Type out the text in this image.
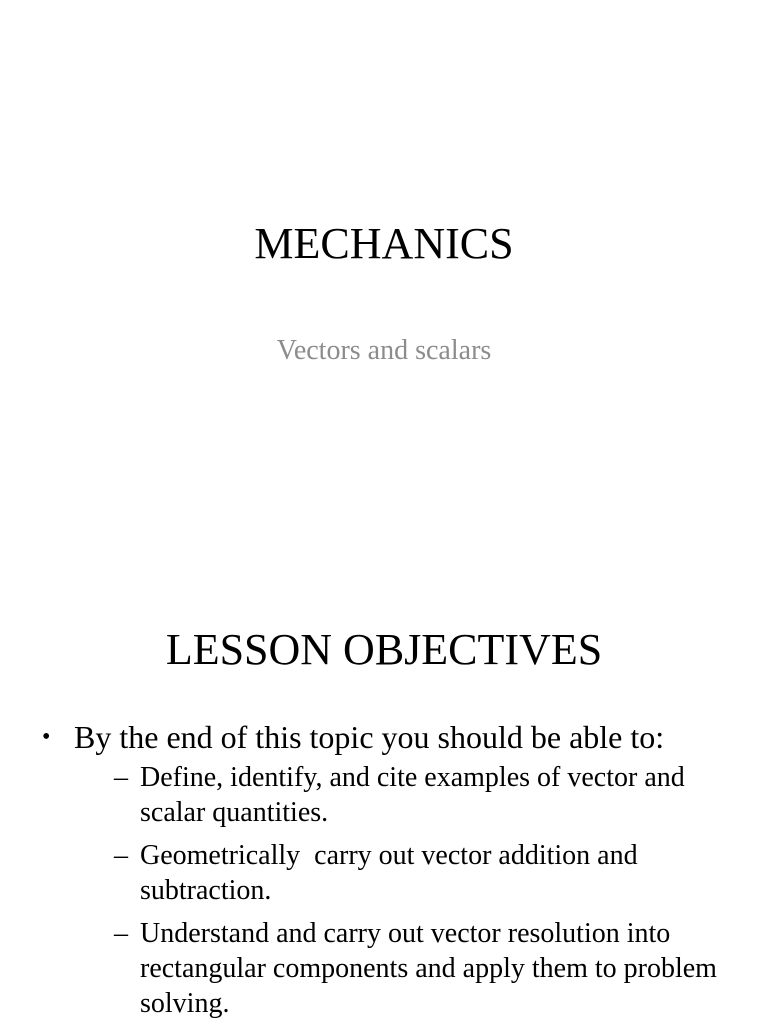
MECHANICS

Vectors and scalars

LESSON OBJECTIVES
• By the end of this topic you should be able to:
– Define, identify, and cite examples of vector and scalar quantities.
– Geometrically  carry out vector addition and subtraction.
– Understand and carry out vector resolution into rectangular components and apply them to problem solving.
